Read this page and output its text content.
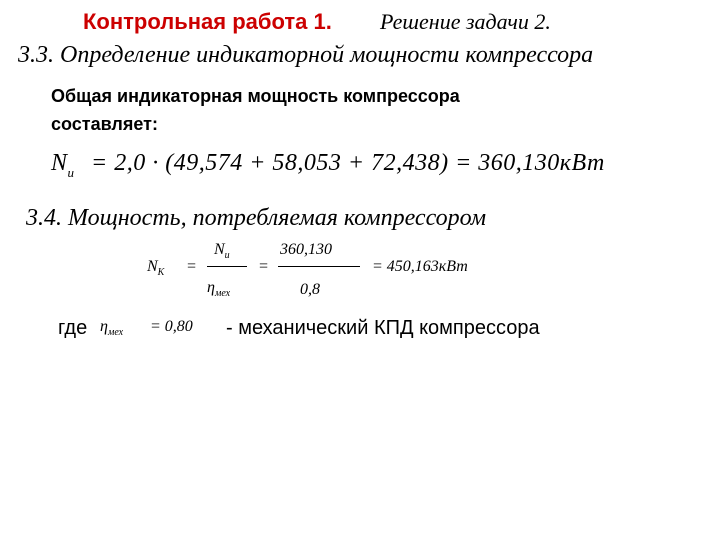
Контрольная работа 1. Решение задачи 2.
3.3. Определение индикаторной мощности компрессора
Общая индикаторная мощность компрессора
составляет:
$N_и = 2,0 \cdot (49,574 + 58,053 + 72,438) = 360,130кВт$
3.4. Мощность, потребляемая компрессором
$N_К$ =
$N_и$
$\eta_{мех}$
=
360,130
0,8
= 450,163кВт
где $\eta_{мех} = 0,80$ - механический КПД компрессора
